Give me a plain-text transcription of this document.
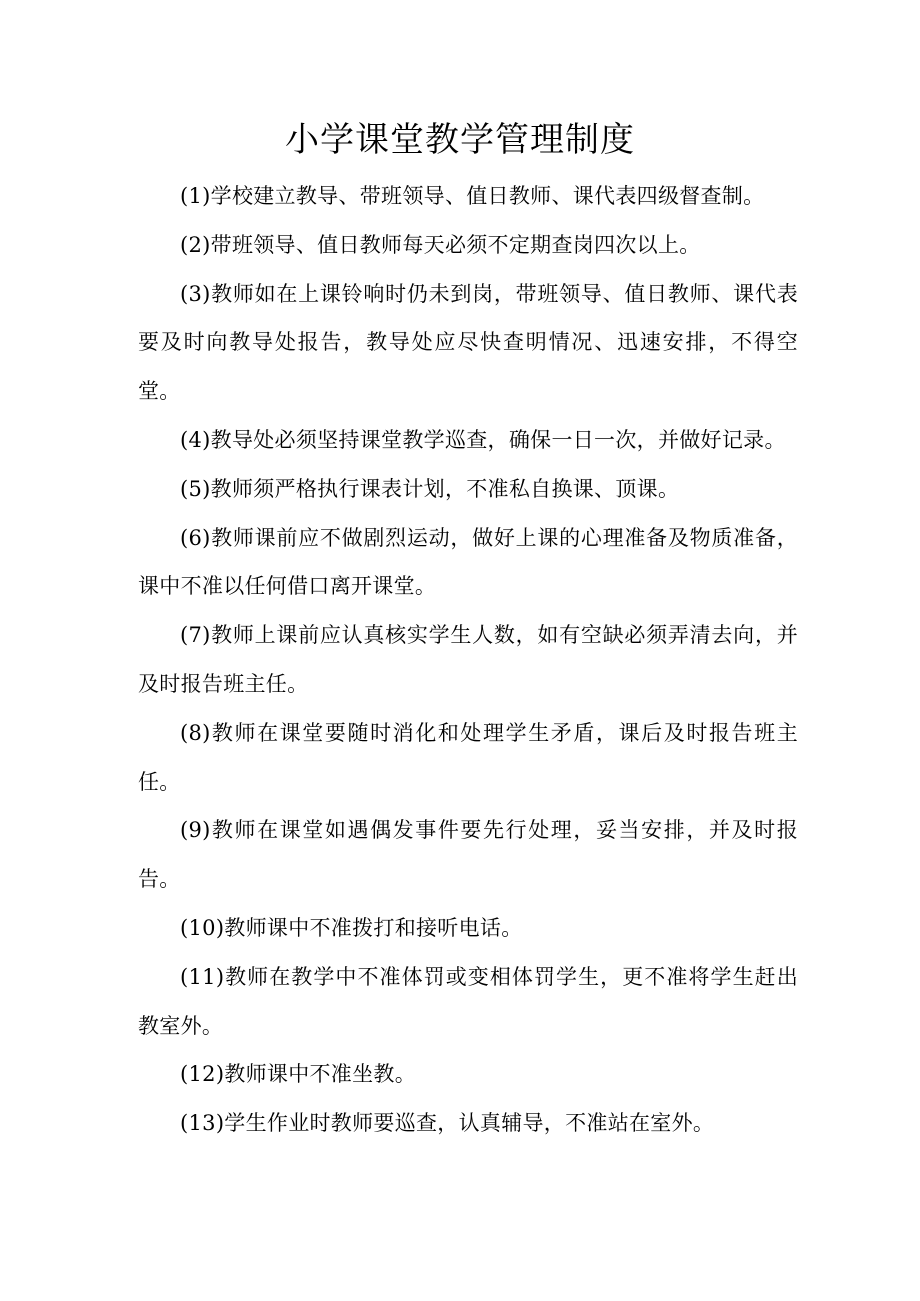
小学课堂教学管理制度

(1)学校建立教导、带班领导、值日教师、课代表四级督查制。

(2)带班领导、值日教师每天必须不定期查岗四次以上。

(3)教师如在上课铃响时仍未到岗，带班领导、值日教师、课代表要及时向教导处报告，教导处应尽快查明情况、迅速安排，不得空堂。

(4)教导处必须坚持课堂教学巡查，确保一日一次，并做好记录。

(5)教师须严格执行课表计划，不准私自换课、顶课。

(6)教师课前应不做剧烈运动，做好上课的心理准备及物质准备，课中不准以任何借口离开课堂。

(7)教师上课前应认真核实学生人数，如有空缺必须弄清去向，并及时报告班主任。

(8)教师在课堂要随时消化和处理学生矛盾，课后及时报告班主任。

(9)教师在课堂如遇偶发事件要先行处理，妥当安排，并及时报告。

(10)教师课中不准拨打和接听电话。

(11)教师在教学中不准体罚或变相体罚学生，更不准将学生赶出教室外。

(12)教师课中不准坐教。

(13)学生作业时教师要巡查，认真辅导，不准站在室外。
